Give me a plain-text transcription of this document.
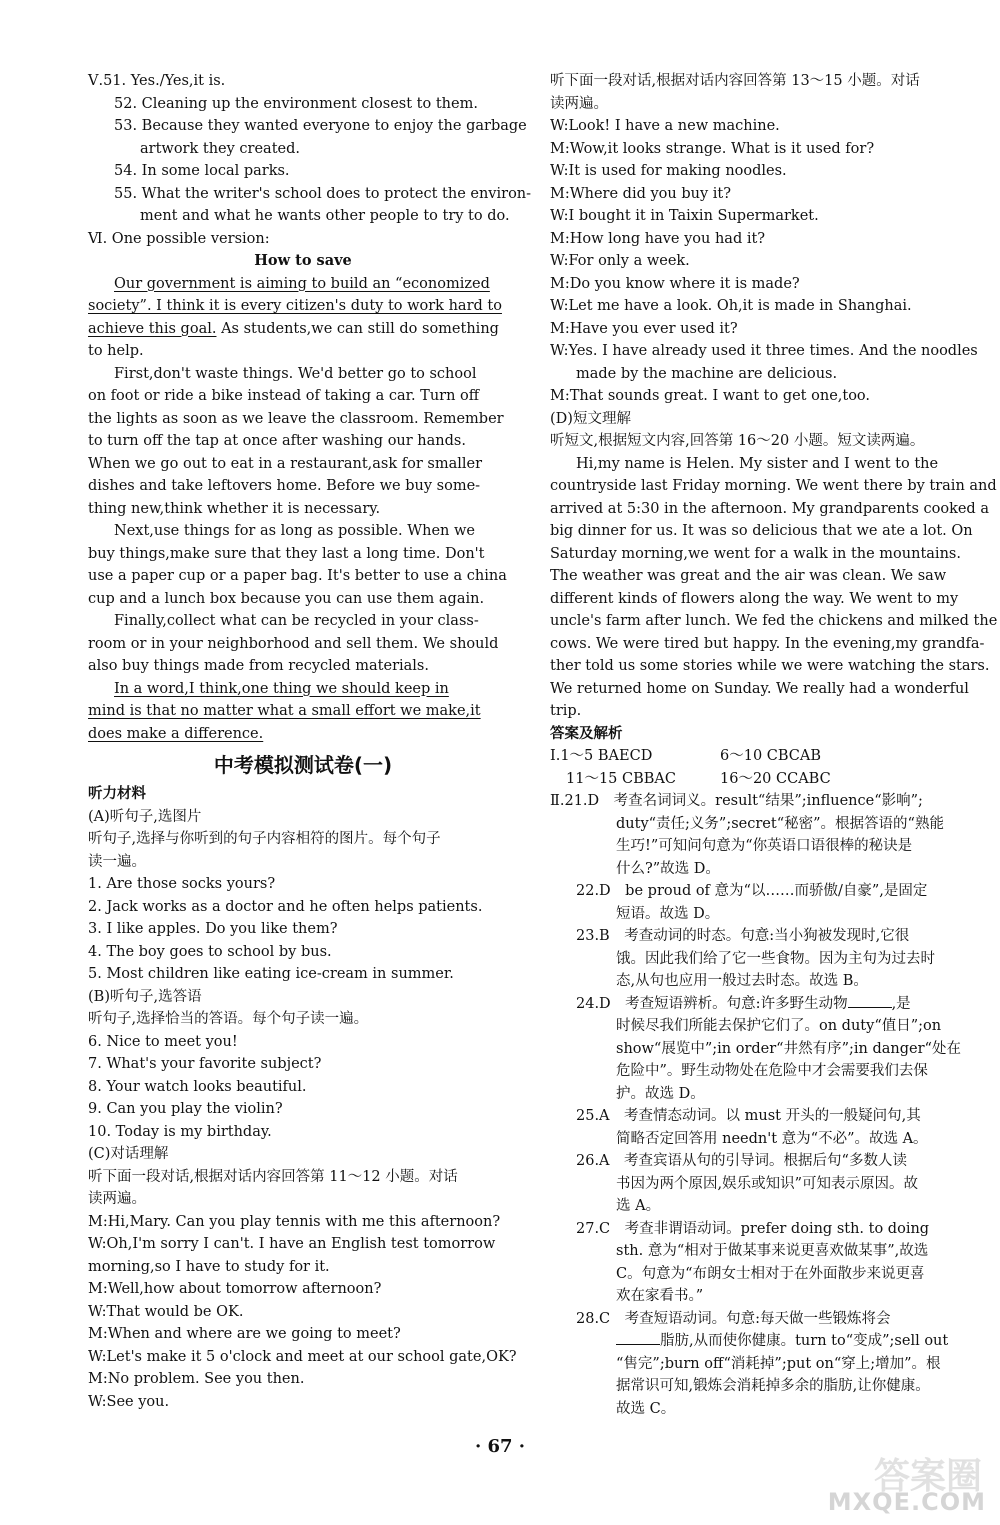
Ⅴ.51. Yes./Yes,it is.
52. Cleaning up the environment closest to them.
53. Because they wanted everyone to enjoy the garbage
artwork they created.
54. In some local parks.
55. What the writer's school does to protect the environ-
ment and what he wants other people to try to do.
Ⅵ. One possible version:
How to save
Our government is aiming to build an “economized
society”. I think it is every citizen's duty to work hard to
achieve this goal. As students,we can still do something
to help.
First,don't waste things. We'd better go to school
on foot or ride a bike instead of taking a car. Turn off
the lights as soon as we leave the classroom. Remember
to turn off the tap at once after washing our hands.
When we go out to eat in a restaurant,ask for smaller
dishes and take leftovers home. Before we buy some-
thing new,think whether it is necessary.
Next,use things for as long as possible. When we
buy things,make sure that they last a long time. Don't
use a paper cup or a paper bag. It's better to use a china
cup and a lunch box because you can use them again.
Finally,collect what can be recycled in your class-
room or in your neighborhood and sell them. We should
also buy things made from recycled materials.
In a word,I think,one thing we should keep in
mind is that no matter what a small effort we make,it
does make a difference.
中考模拟测试卷(一)
听力材料
(A)听句子,选图片
听句子,选择与你听到的句子内容相符的图片。每个句子
读一遍。
1. Are those socks yours?
2. Jack works as a doctor and he often helps patients.
3. I like apples. Do you like them?
4. The boy goes to school by bus.
5. Most children like eating ice-cream in summer.
(B)听句子,选答语
听句子,选择恰当的答语。每个句子读一遍。
6. Nice to meet you!
7. What's your favorite subject?
8. Your watch looks beautiful.
9. Can you play the violin?
10. Today is my birthday.
(C)对话理解
听下面一段对话,根据对话内容回答第 11～12 小题。对话
读两遍。
M:Hi,Mary. Can you play tennis with me this afternoon?
W:Oh,I'm sorry I can't. I have an English test tomorrow
morning,so I have to study for it.
M:Well,how about tomorrow afternoon?
W:That would be OK.
M:When and where are we going to meet?
W:Let's make it 5 o'clock and meet at our school gate,OK?
M:No problem. See you then.
W:See you.
听下面一段对话,根据对话内容回答第 13～15 小题。对话
读两遍。
W:Look! I have a new machine.
M:Wow,it looks strange. What is it used for?
W:It is used for making noodles.
M:Where did you buy it?
W:I bought it in Taixin Supermarket.
M:How long have you had it?
W:For only a week.
M:Do you know where it is made?
W:Let me have a look. Oh,it is made in Shanghai.
M:Have you ever used it?
W:Yes. I have already used it three times. And the noodles
made by the machine are delicious.
M:That sounds great. I want to get one,too.
(D)短文理解
听短文,根据短文内容,回答第 16～20 小题。短文读两遍。
Hi,my name is Helen. My sister and I went to the
countryside last Friday morning. We went there by train and
arrived at 5:30 in the afternoon. My grandparents cooked a
big dinner for us. It was so delicious that we ate a lot. On
Saturday morning,we went for a walk in the mountains.
The weather was great and the air was clean. We saw
different kinds of flowers along the way. We went to my
uncle's farm after lunch. We fed the chickens and milked the
cows. We were tired but happy. In the evening,my grandfa-
ther told us some stories while we were watching the stars.
We returned home on Sunday. We really had a wonderful
trip.
答案及解析
Ⅰ.1～5 BAECD	6～10 CBCAB
11～15 CBBAC	16～20 CCABC
Ⅱ.21.D　考查名词词义。result“结果”;influence“影响”;
duty“责任;义务”;secret“秘密”。根据答语的“熟能
生巧!”可知问句意为“你英语口语很棒的秘诀是
什么?”故选 D。
22.D　be proud of 意为“以……而骄傲/自豪”,是固定
短语。故选 D。
23.B　考查动词的时态。句意:当小狗被发现时,它很
饿。因此我们给了它一些食物。因为主句为过去时
态,从句也应用一般过去时态。故选 B。
24.D　考查短语辨析。句意:许多野生动物	,是
时候尽我们所能去保护它们了。on duty“值日”;on
show“展览中”;in order“井然有序”;in danger“处在
危险中”。野生动物处在危险中才会需要我们去保
护。故选 D。
25.A　考查情态动词。以 must 开头的一般疑问句,其
简略否定回答用 needn't 意为“不必”。故选 A。
26.A　考查宾语从句的引导词。根据后句“多数人读
书因为两个原因,娱乐或知识”可知表示原因。故
选 A。
27.C　考查非谓语动词。prefer doing sth. to doing
sth. 意为“相对于做某事来说更喜欢做某事”,故选
C。句意为“布朗女士相对于在外面散步来说更喜
欢在家看书。”
28.C　考查短语动词。句意:每天做一些锻炼将会
脂肪,从而使你健康。turn to“变成”;sell out
“售完”;burn off“消耗掉”;put on“穿上;增加”。根
据常识可知,锻炼会消耗掉多余的脂肪,让你健康。
故选 C。
· 67 ·
答案圈
MXQE.COM
